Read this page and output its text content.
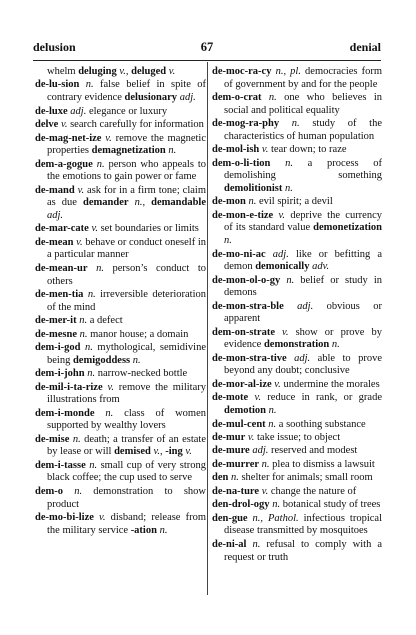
delusion	67	denial
whelm deluging v., deluged v.
de-lu-sion n. false belief in spite of contrary evidence delusionary adj.
de-luxe adj. elegance or luxury
delve v. search carefully for information
de-mag-net-ize v. remove the magnetic properties demagnetization n.
dem-a-gogue n. person who appeals to the emotions to gain power or fame
de-mand v. ask for in a firm tone; claim as due demander n., demandable adj.
de-mar-cate v. set boundaries or limits
de-mean v. behave or conduct oneself in a particular manner
de-mean-ur n. person’s conduct to others
de-men-tia n. irreversible deterioration of the mind
de-mer-it n. a defect
de-mesne n. manor house; a domain
dem-i-god n. mythological, semidivine being demigoddess n.
dem-i-john n. narrow-necked bottle
de-mil-i-ta-rize v. remove the military illustrations from
dem-i-monde n. class of women supported by wealthy lovers
de-mise n. death; a transfer of an estate by lease or will demised v., -ing v.
dem-i-tasse n. small cup of very strong black coffee; the cup used to serve
dem-o n. demonstration to show product
de-mo-bi-lize v. disband; release from the military service -ation n.
de-moc-ra-cy n., pl. democracies form of government by and for the people
dem-o-crat n. one who believes in social and political equality
de-mog-ra-phy n. study of the characteristics of human population
de-mol-ish v. tear down; to raze
dem-o-li-tion n. a process of demolishing something demolitionist n.
de-mon n. evil spirit; a devil
de-mon-e-tize v. deprive the currency of its standard value demonetization n.
de-mo-ni-ac adj. like or befitting a demon demonically adv.
de-mon-ol-o-gy n. belief or study in demons
de-mon-stra-ble adj. obvious or apparent
dem-on-strate v. show or prove by evidence demonstration n.
de-mon-stra-tive adj. able to prove beyond any doubt; conclusive
de-mor-al-ize v. undermine the morales
de-mote v. reduce in rank, or grade demotion n.
de-mul-cent n. a soothing substance
de-mur v. take issue; to object
de-mure adj. reserved and modest
de-murrer n. plea to dismiss a lawsuit
den n. shelter for animals; small room
de-na-ture v. change the nature of
den-drol-ogy n. botanical study of trees
den-gue n., Pathol. infectious tropical disease transmitted by mosquitoes
de-ni-al n. refusal to comply with a request or truth
